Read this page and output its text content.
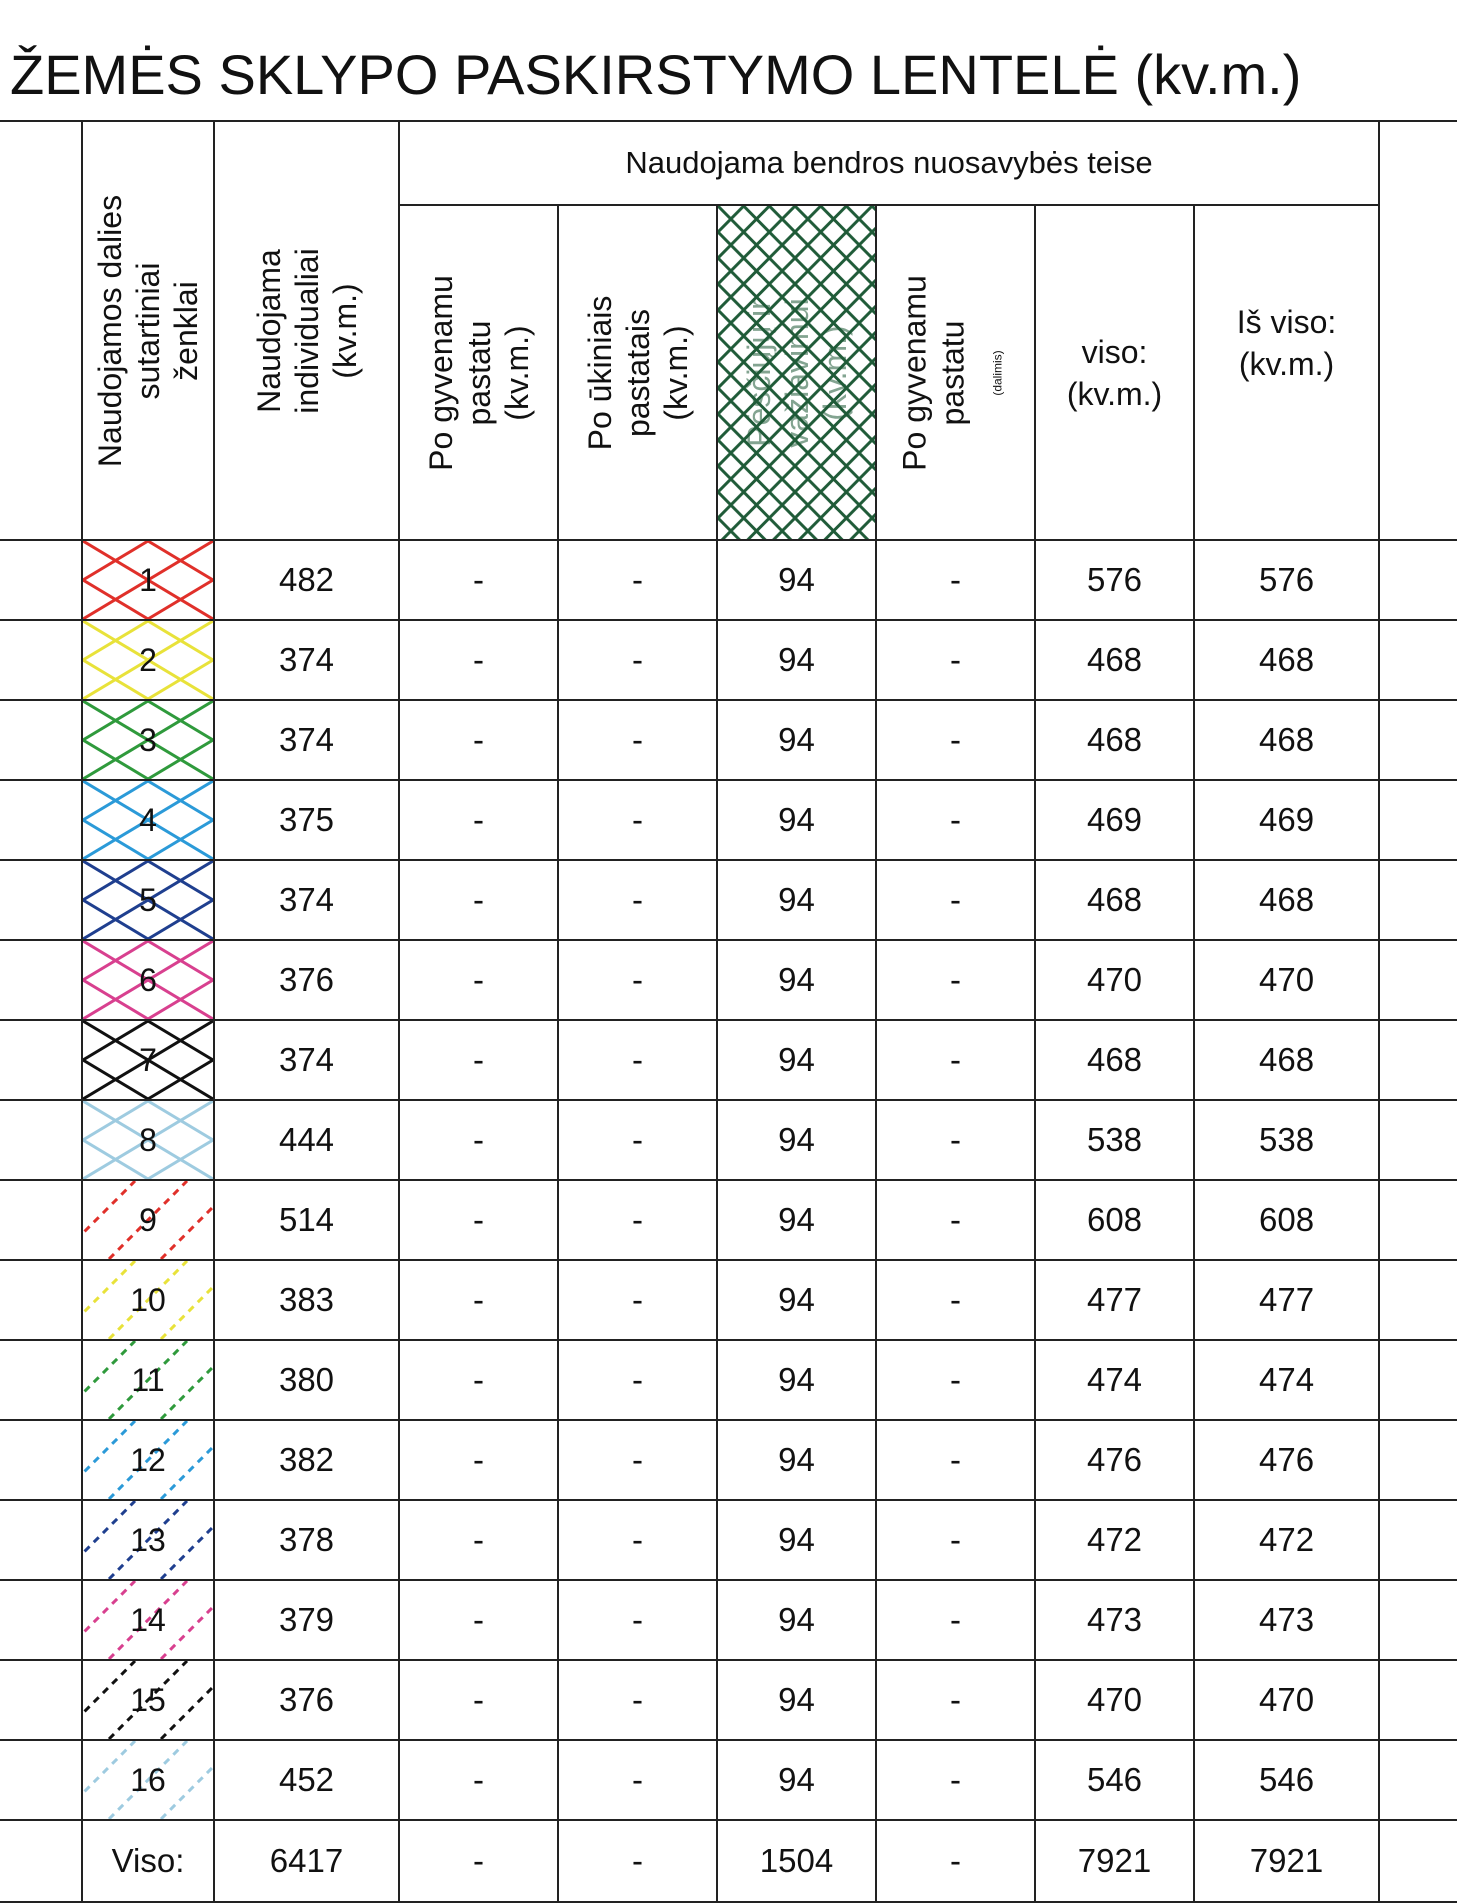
ŽEMĖS SKLYPO PASKIRSTYMO LENTELĖ (kv.m.)

	Naudojamos dalies
sutartiniai
ženklai	Naudojama
individualiai
(kv.m.)	Naudojama bendros nuosavybės teise						

			Po gyvenamu
pastatu
(kv.m.)	Po ūkiniais
pastatais
(kv.m.)	Pėsčiųjų ir
važiavimui
(kv.m.)	Po gyvenamu
pastatu (dalimis)	viso:
(kv.m.)	Iš viso:
(kv.m.)	

1	482	-	-	94	-	576	576	

2	374	-	-	94	-	468	468	

3	374	-	-	94	-	468	468	

4	375	-	-	94	-	469	469	

5	374	-	-	94	-	468	468	

6	376	-	-	94	-	470	470	

7	374	-	-	94	-	468	468	

8	444	-	-	94	-	538	538	

9	514	-	-	94	-	608	608	

10	383	-	-	94	-	477	477	

11	380	-	-	94	-	474	474	

12	382	-	-	94	-	476	476	

13	378	-	-	94	-	472	472	

14	379	-	-	94	-	473	473	

15	376	-	-	94	-	470	470	

16	452	-	-	94	-	546	546	
	Viso:	6417	-	-	1504	-	7921	7921	
